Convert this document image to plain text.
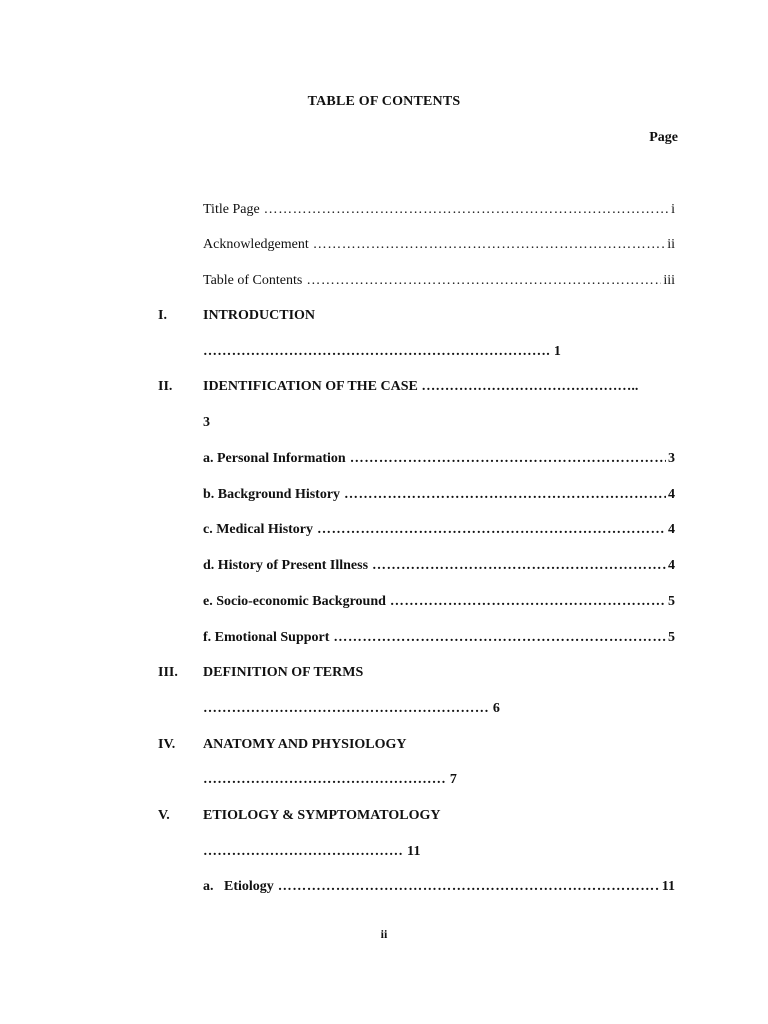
TABLE OF CONTENTS
Page
Title Page ………………………………………………………………………………………………………………………………………………………………………………………	i
Acknowledgement ………………………………………………………………………………………………………………………………………………………………………………………	ii
Table of Contents ………………………………………………………………………………………………………………………………………………………………………………………	iii
I.	INTRODUCTION
………………………………………………………………. 1
II. IDENTIFICATION OF THE CASE ………………………………………..
3
a. Personal Information ………………………………………………………………………………………………………………………………………………………………………………………	3
b. Background History ………………………………………………………………………………………………………………………………………………………………………………………	4
c. Medical History ………………………………………………………………………………………………………………………………………………………………………………………	4
d. History of Present Illness ………………………………………………………………………………………………………………………………………………………………………………………	4
e. Socio-economic Background ………………………………………………………………………………………………………………………………………………………………………………………	5
f. Emotional Support ………………………………………………………………………………………………………………………………………………………………………………………	5
III. DEFINITION OF TERMS
…………………………………………………… 6
IV. ANATOMY AND PHYSIOLOGY
…………………………………………… 7
V. ETIOLOGY & SYMPTOMATOLOGY
…………………………………… 11
a.   Etiology ………………………………………………………………………………………………………………………………………………………………………………………	11
ii
